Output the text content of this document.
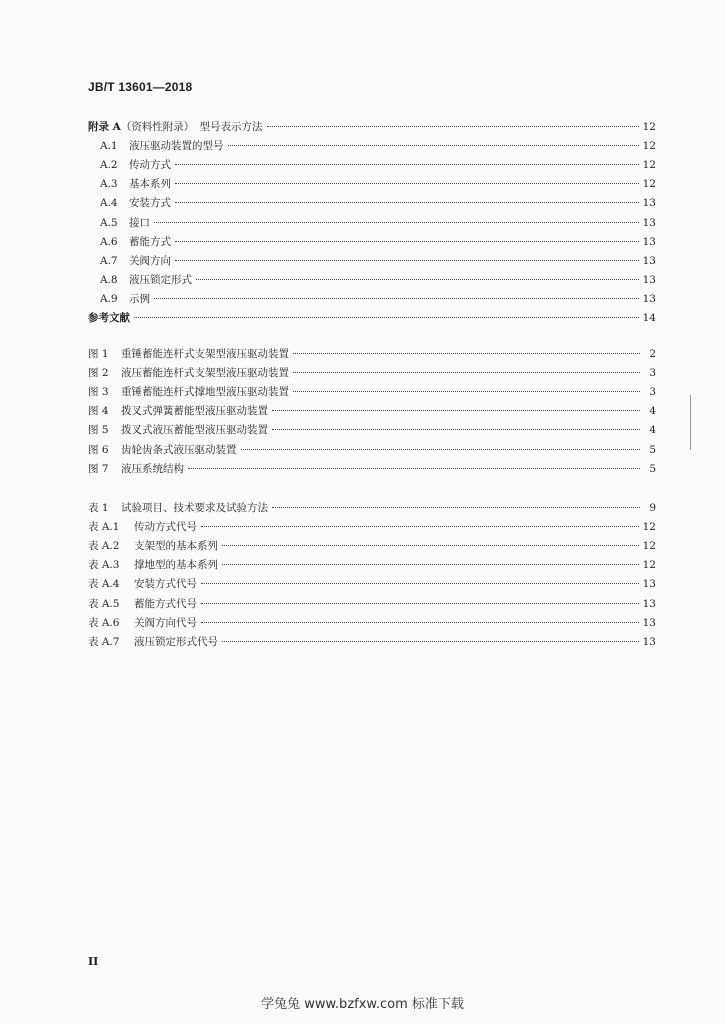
JB/T 13601—2018
附录 A（资料性附录）　型号表示方法	12
A.1 液压驱动装置的型号	12
A.2 传动方式	12
A.3 基本系列	12
A.4 安装方式	13
A.5 接口	13
A.6 蓄能方式	13
A.7 关阀方向	13
A.8 液压锁定形式	13
A.9 示例	13
参考文献	14
图 1 重锤蓄能连杆式支架型液压驱动装置	2
图 2 液压蓄能连杆式支架型液压驱动装置	3
图 3 重锤蓄能连杆式撑地型液压驱动装置	3
图 4 拨叉式弹簧蓄能型液压驱动装置	4
图 5 拨叉式液压蓄能型液压驱动装置	4
图 6 齿轮齿条式液压驱动装置	5
图 7 液压系统结构	5
表 1 试验项目、技术要求及试验方法	9
表 A.1 传动方式代号	12
表 A.2 支架型的基本系列	12
表 A.3 撑地型的基本系列	12
表 A.4 安装方式代号	13
表 A.5 蓄能方式代号	13
表 A.6 关阀方向代号	13
表 A.7 液压锁定形式代号	13
II
学兔兔 www.bzfxw.com 标准下载
